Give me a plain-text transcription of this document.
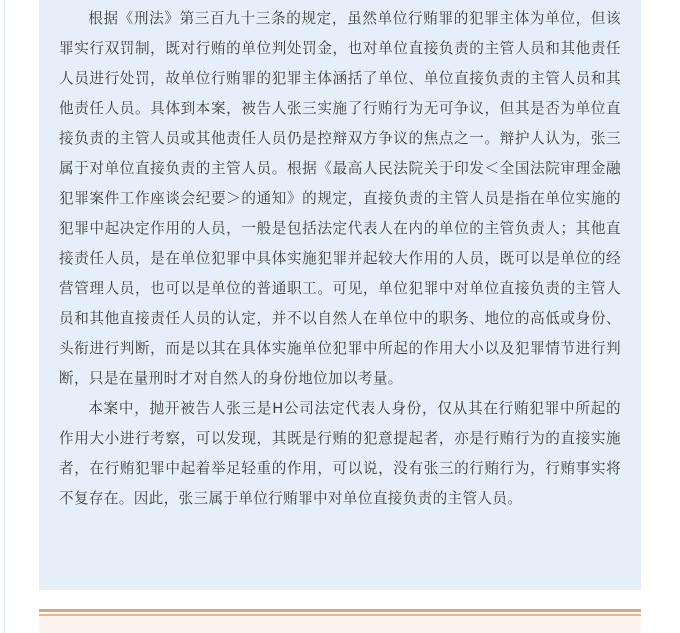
根据《刑法》第三百九十三条的规定，虽然单位行贿罪的犯罪主体为单位，但该罪实行双罚制，既对行贿的单位判处罚金，也对单位直接负责的主管人员和其他责任人员进行处罚，故单位行贿罪的犯罪主体涵括了单位、单位直接负责的主管人员和其他责任人员。具体到本案，被告人张三实施了行贿行为无可争议，但其是否为单位直接负责的主管人员或其他责任人员仍是控辩双方争议的焦点之一。辩护人认为，张三属于对单位直接负责的主管人员。根据《最高人民法院关于印发＜全国法院审理金融犯罪案件工作座谈会纪要＞的通知》的规定，直接负责的主管人员是指在单位实施的犯罪中起决定作用的人员，一般是包括法定代表人在内的单位的主管负责人；其他直接责任人员，是在单位犯罪中具体实施犯罪并起较大作用的人员，既可以是单位的经营管理人员，也可以是单位的普通职工。可见，单位犯罪中对单位直接负责的主管人员和其他直接责任人员的认定，并不以自然人在单位中的职务、地位的高低或身份、头衔进行判断，而是以其在具体实施单位犯罪中所起的作用大小以及犯罪情节进行判断，只是在量刑时才对自然人的身份地位加以考量。

本案中，抛开被告人张三是H公司法定代表人身份，仅从其在行贿犯罪中所起的作用大小进行考察，可以发现，其既是行贿的犯意提起者，亦是行贿行为的直接实施者，在行贿犯罪中起着举足轻重的作用，可以说，没有张三的行贿行为，行贿事实将不复存在。因此，张三属于单位行贿罪中对单位直接负责的主管人员。
